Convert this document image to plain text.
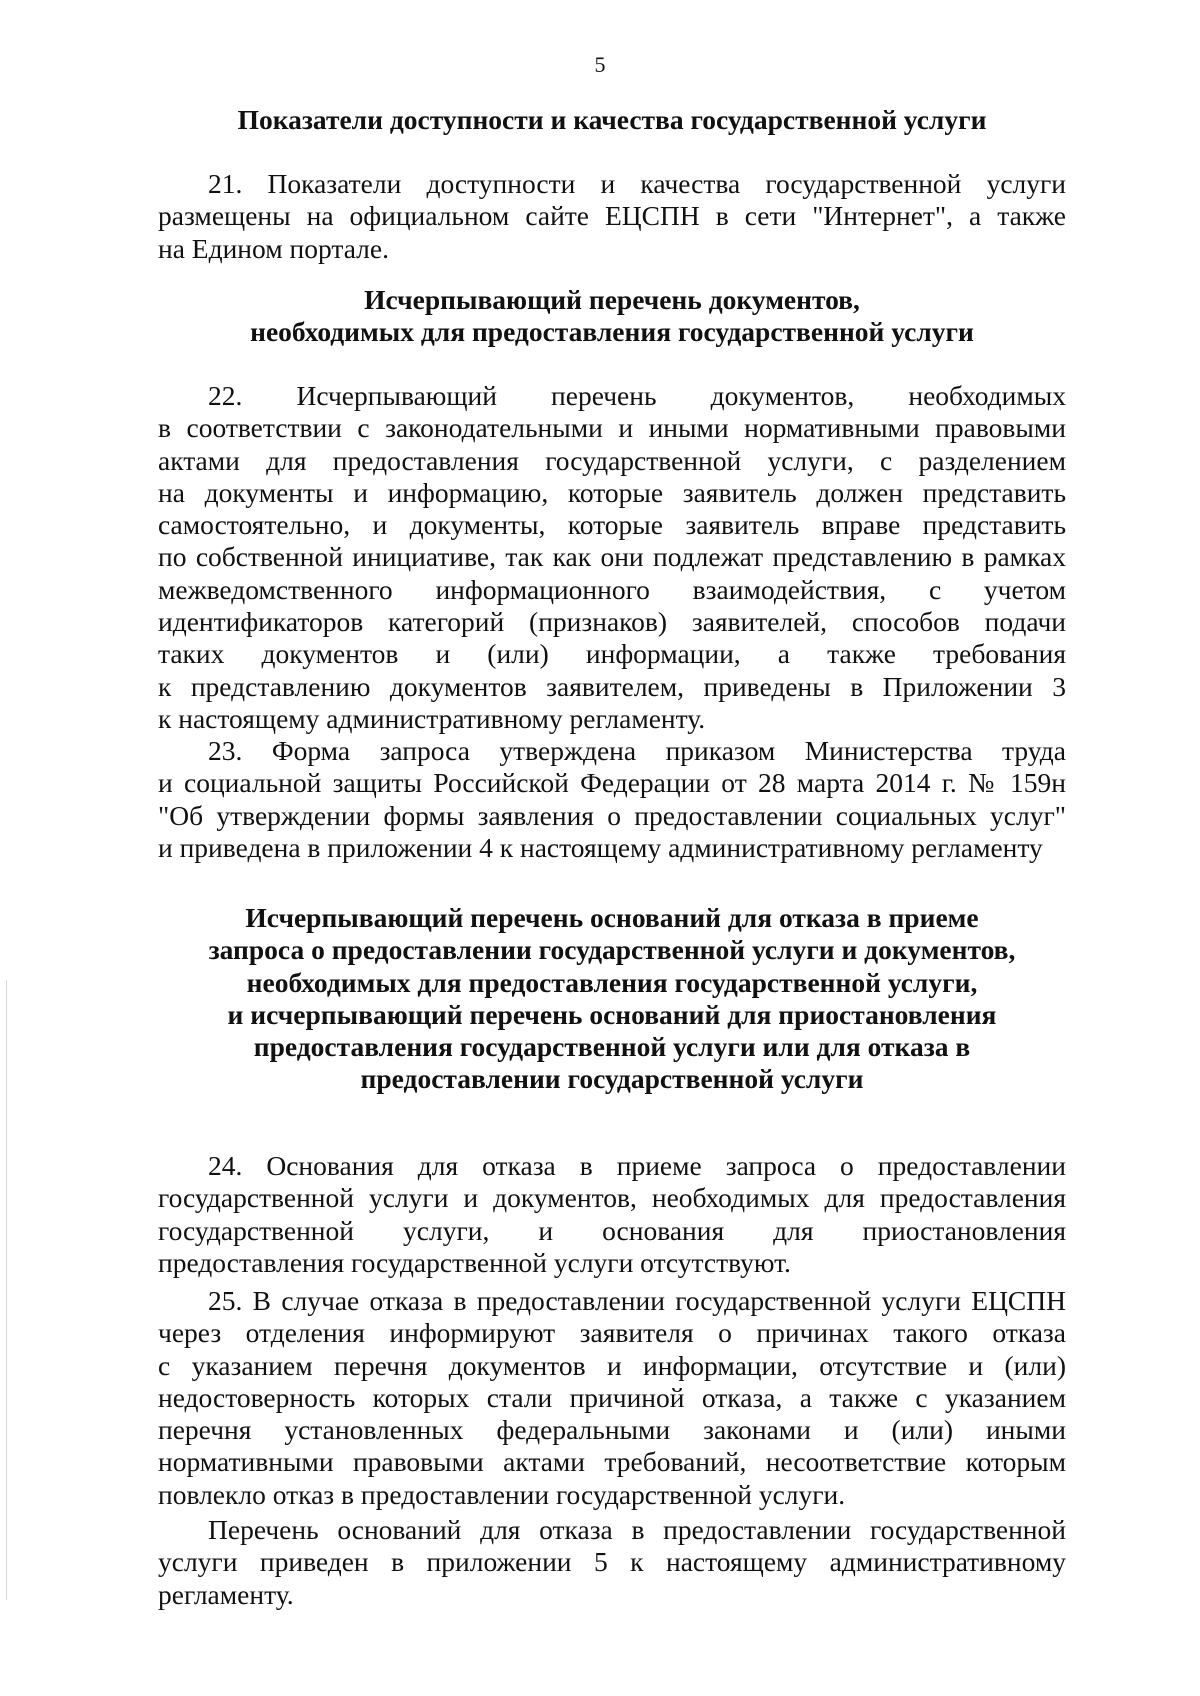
5

Показатели доступности и качества государственной услуги

21. Показатели доступности и качества государственной услуги
размещены на официальном сайте ЕЦСПН в сети "Интернет", а также
на Едином портале.

Исчерпывающий перечень документов,
необходимых для предоставления государственной услуги

22. Исчерпывающий перечень документов, необходимых
в соответствии с законодательными и иными нормативными правовыми
актами для предоставления государственной услуги, с разделением
на документы и информацию, которые заявитель должен представить
самостоятельно, и документы, которые заявитель вправе представить
по собственной инициативе, так как они подлежат представлению в рамках
межведомственного информационного взаимодействия, с учетом
идентификаторов категорий (признаков) заявителей, способов подачи
таких документов и (или) информации, а также требования
к представлению документов заявителем, приведены в Приложении 3
к настоящему административному регламенту.

23. Форма запроса утверждена приказом Министерства труда
и социальной защиты Российской Федерации от 28 марта 2014 г. № 159н
"Об утверждении формы заявления о предоставлении социальных услуг"
и приведена в приложении 4 к настоящему административному регламенту

Исчерпывающий перечень оснований для отказа в приеме
запроса о предоставлении государственной услуги и документов,
необходимых для предоставления государственной услуги,
и исчерпывающий перечень оснований для приостановления
предоставления государственной услуги или для отказа в
предоставлении государственной услуги

24. Основания для отказа в приеме запроса о предоставлении
государственной услуги и документов, необходимых для предоставления
государственной услуги, и основания для приостановления
предоставления государственной услуги отсутствуют.

25. В случае отказа в предоставлении государственной услуги ЕЦСПН
через отделения информируют заявителя о причинах такого отказа
с указанием перечня документов и информации, отсутствие и (или)
недостоверность которых стали причиной отказа, а также с указанием
перечня установленных федеральными законами и (или) иными
нормативными правовыми актами требований, несоответствие которым
повлекло отказ в предоставлении государственной услуги.

Перечень оснований для отказа в предоставлении государственной
услуги приведен в приложении 5 к настоящему административному
регламенту.
